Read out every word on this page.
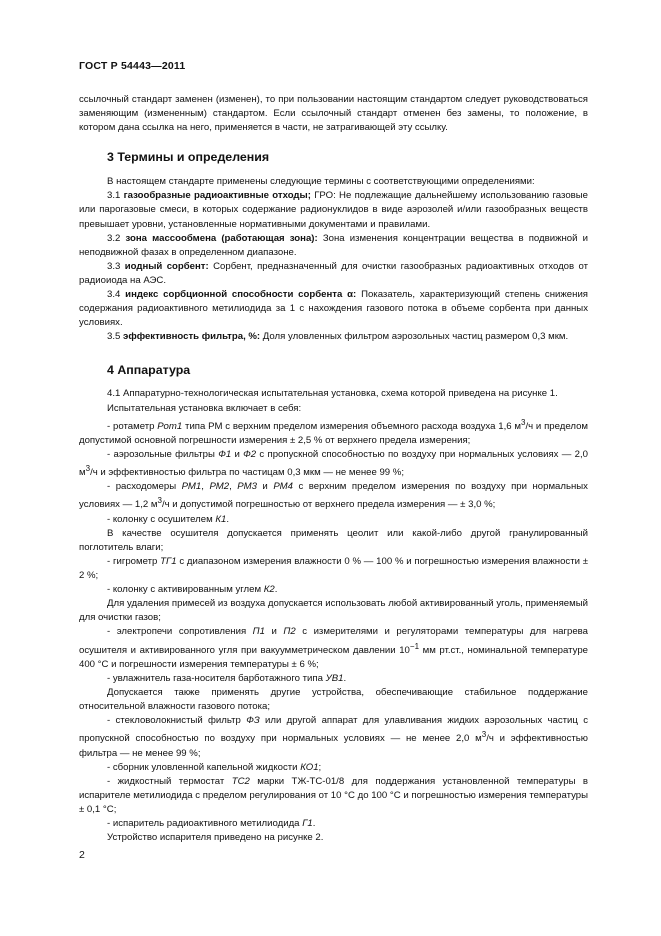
ГОСТ Р 54443—2011

ссылочный стандарт заменен (изменен), то при пользовании настоящим стандартом следует руководствоваться заменяющим (измененным) стандартом. Если ссылочный стандарт отменен без замены, то положение, в котором дана ссылка на него, применяется в части, не затрагивающей эту ссылку.

3 Термины и определения

В настоящем стандарте применены следующие термины с соответствующими определениями:

3.1 газообразные радиоактивные отходы; ГРО: Не подлежащие дальнейшему использованию газовые или парогазовые смеси, в которых содержание радионуклидов в виде аэрозолей и/или газообразных веществ превышает уровни, установленные нормативными документами и правилами.

3.2 зона массообмена (работающая зона): Зона изменения концентрации вещества в подвижной и неподвижной фазах в определенном диапазоне.

3.3 иодный сорбент: Сорбент, предназначенный для очистки газообразных радиоактивных отходов от радиоиода на АЭС.

3.4 индекс сорбционной способности сорбента α: Показатель, характеризующий степень снижения содержания радиоактивного метилиодида за 1 с нахождения газового потока в объеме сорбента при данных условиях.

3.5 эффективность фильтра, %: Доля уловленных фильтром аэрозольных частиц размером 0,3 мкм.

4 Аппаратура

4.1 Аппаратурно-технологическая испытательная установка, схема которой приведена на рисунке 1.

Испытательная установка включает в себя:

- ротаметр Рот1 типа РМ с верхним пределом измерения объемного расхода воздуха 1,6 $м^3/ч$ и пределом допустимой основной погрешности измерения ± 2,5 % от верхнего предела измерения;

- аэрозольные фильтры Ф1 и Ф2 с пропускной способностью по воздуху при нормальных условиях — 2,0 $м^3/ч$ и эффективностью фильтра по частицам 0,3 мкм — не менее 99 %;

- расходомеры РМ1, РМ2, РМ3 и РМ4 с верхним пределом измерения по воздуху при нормальных условиях — 1,2 $м^3/ч$ и допустимой погрешностью от верхнего предела измерения — ± 3,0 %;

- колонку с осушителем К1.

В качестве осушителя допускается применять цеолит или какой-либо другой гранулированный поглотитель влаги;

- гигрометр ТГ1 с диапазоном измерения влажности 0 % — 100 % и погрешностью измерения влажности ± 2 %;

- колонку с активированным углем К2.

Для удаления примесей из воздуха допускается использовать любой активированный уголь, применяемый для очистки газов;

- электропечи сопротивления П1 и П2 с измерителями и регуляторами температуры для нагрева осушителя и активированного угля при вакуумметрическом давлении $10^{-1}$ мм рт.ст., номинальной температуре 400 °С и погрешности измерения температуры ± 6 %;

- увлажнитель газа-носителя барботажного типа УВ1.

Допускается также применять другие устройства, обеспечивающие стабильное поддержание относительной влажности газового потока;

- стекловолокнистый фильтр ФЗ или другой аппарат для улавливания жидких аэрозольных частиц с пропускной способностью по воздуху при нормальных условиях — не менее 2,0 $м^3/ч$ и эффективностью фильтра — не менее 99 %;

- сборник уловленной капельной жидкости КО1;

- жидкостный термостат ТС2 марки ТЖ-ТС-01/8 для поддержания установленной температуры в испарителе метилиодида с пределом регулирования от 10 °С до 100 °С и погрешностью измерения температуры ± 0,1 °С;

- испаритель радиоактивного метилиодида Г1.

Устройство испарителя приведено на рисунке 2.

2
